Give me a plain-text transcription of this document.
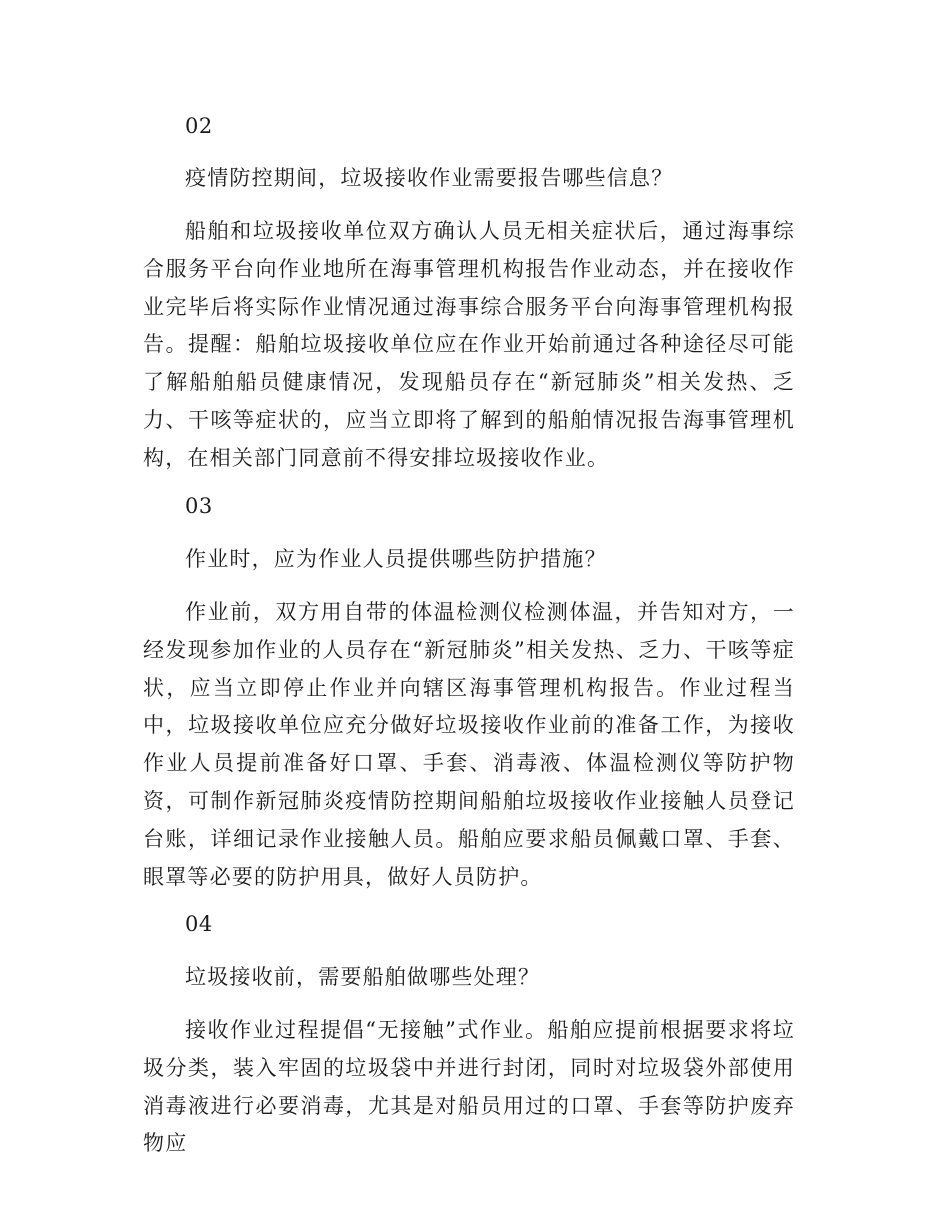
02

疫情防控期间，垃圾接收作业需要报告哪些信息？

船舶和垃圾接收单位双方确认人员无相关症状后，通过海事综合服务平台向作业地所在海事管理机构报告作业动态，并在接收作业完毕后将实际作业情况通过海事综合服务平台向海事管理机构报告。提醒：船舶垃圾接收单位应在作业开始前通过各种途径尽可能了解船舶船员健康情况，发现船员存在“新冠肺炎”相关发热、乏力、干咳等症状的，应当立即将了解到的船舶情况报告海事管理机构，在相关部门同意前不得安排垃圾接收作业。

03

作业时，应为作业人员提供哪些防护措施？

作业前，双方用自带的体温检测仪检测体温，并告知对方，一经发现参加作业的人员存在“新冠肺炎”相关发热、乏力、干咳等症状，应当立即停止作业并向辖区海事管理机构报告。作业过程当中，垃圾接收单位应充分做好垃圾接收作业前的准备工作，为接收作业人员提前准备好口罩、手套、消毒液、体温检测仪等防护物资，可制作新冠肺炎疫情防控期间船舶垃圾接收作业接触人员登记台账，详细记录作业接触人员。船舶应要求船员佩戴口罩、手套、眼罩等必要的防护用具，做好人员防护。

04

垃圾接收前，需要船舶做哪些处理？

接收作业过程提倡“无接触”式作业。船舶应提前根据要求将垃圾分类，装入牢固的垃圾袋中并进行封闭，同时对垃圾袋外部使用消毒液进行必要消毒，尤其是对船员用过的口罩、手套等防护废弃物应
